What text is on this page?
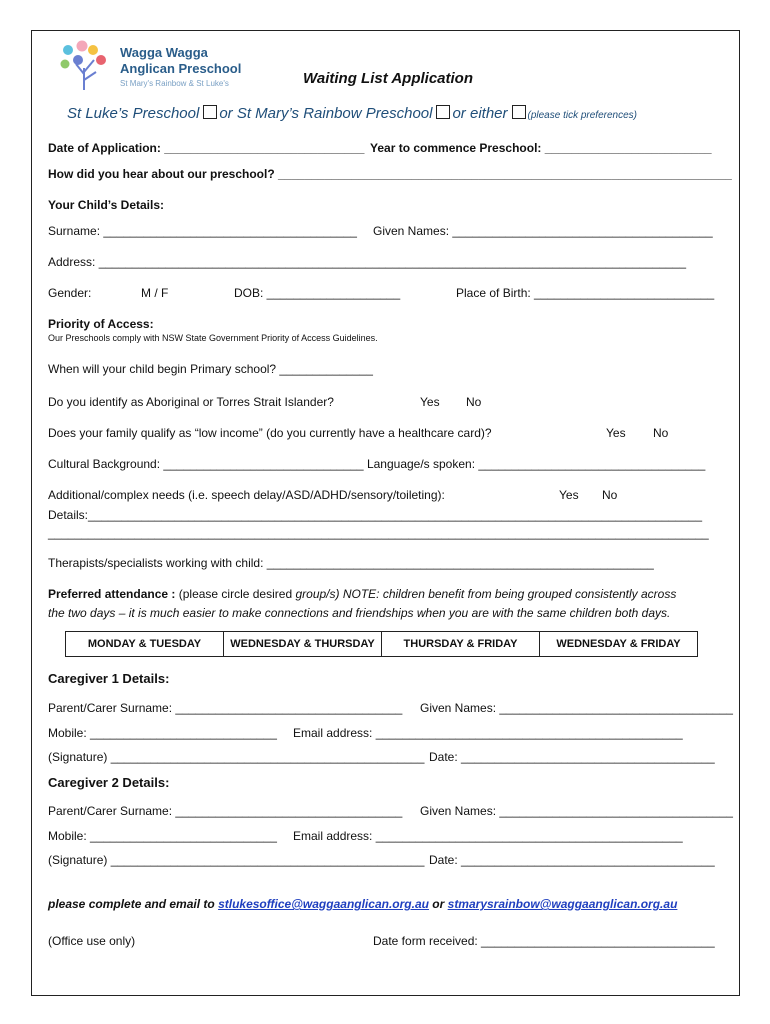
Wagga Wagga
Anglican Preschool
St Mary's Rainbow & St Luke's	Waiting List Application
St Luke’s Preschool or St Mary’s Rainbow Preschool or either (please tick preferences)
Date of Application: ______________________________ Year to commence Preschool: _________________________
How did you hear about our preschool? ____________________________________________________________________
Your Child’s Details:
Surname: ______________________________________ Given Names: _______________________________________
Address: ________________________________________________________________________________________
Gender:	M / F	DOB: ____________________	Place of Birth: ___________________________
Priority of Access:
Our Preschools comply with NSW State Government Priority of Access Guidelines.
When will your child begin Primary school? ______________
Do you identify as Aboriginal or Torres Strait Islander?	Yes No
Does your family qualify as “low income” (do you currently have a healthcare card)?	Yes No
Cultural Background: ______________________________ Language/s spoken: __________________________________
Additional/complex needs (i.e. speech delay/ASD/ADHD/sensory/toileting):	Yes No
Details:____________________________________________________________________________________________
___________________________________________________________________________________________________
Therapists/specialists working with child: __________________________________________________________
Preferred attendance : (please circle desired group/s) NOTE: children benefit from being grouped consistently across
the two days – it is much easier to make connections and friendships when you are with the same children both days.
MONDAY & TUESDAY	WEDNESDAY & THURSDAY	THURSDAY & FRIDAY	WEDNESDAY & FRIDAY
Caregiver 1 Details:
Parent/Carer Surname: __________________________________ Given Names: ___________________________________
Mobile: ____________________________ Email address: ______________________________________________
(Signature) _______________________________________________ Date: ______________________________________
Caregiver 2 Details:
Parent/Carer Surname: __________________________________ Given Names: ___________________________________
Mobile: ____________________________ Email address: ______________________________________________
(Signature) _______________________________________________ Date: ______________________________________
please complete and email to stlukesoffice@waggaanglican.org.au or stmarysrainbow@waggaanglican.org.au
(Office use only)	Date form received: ___________________________________
